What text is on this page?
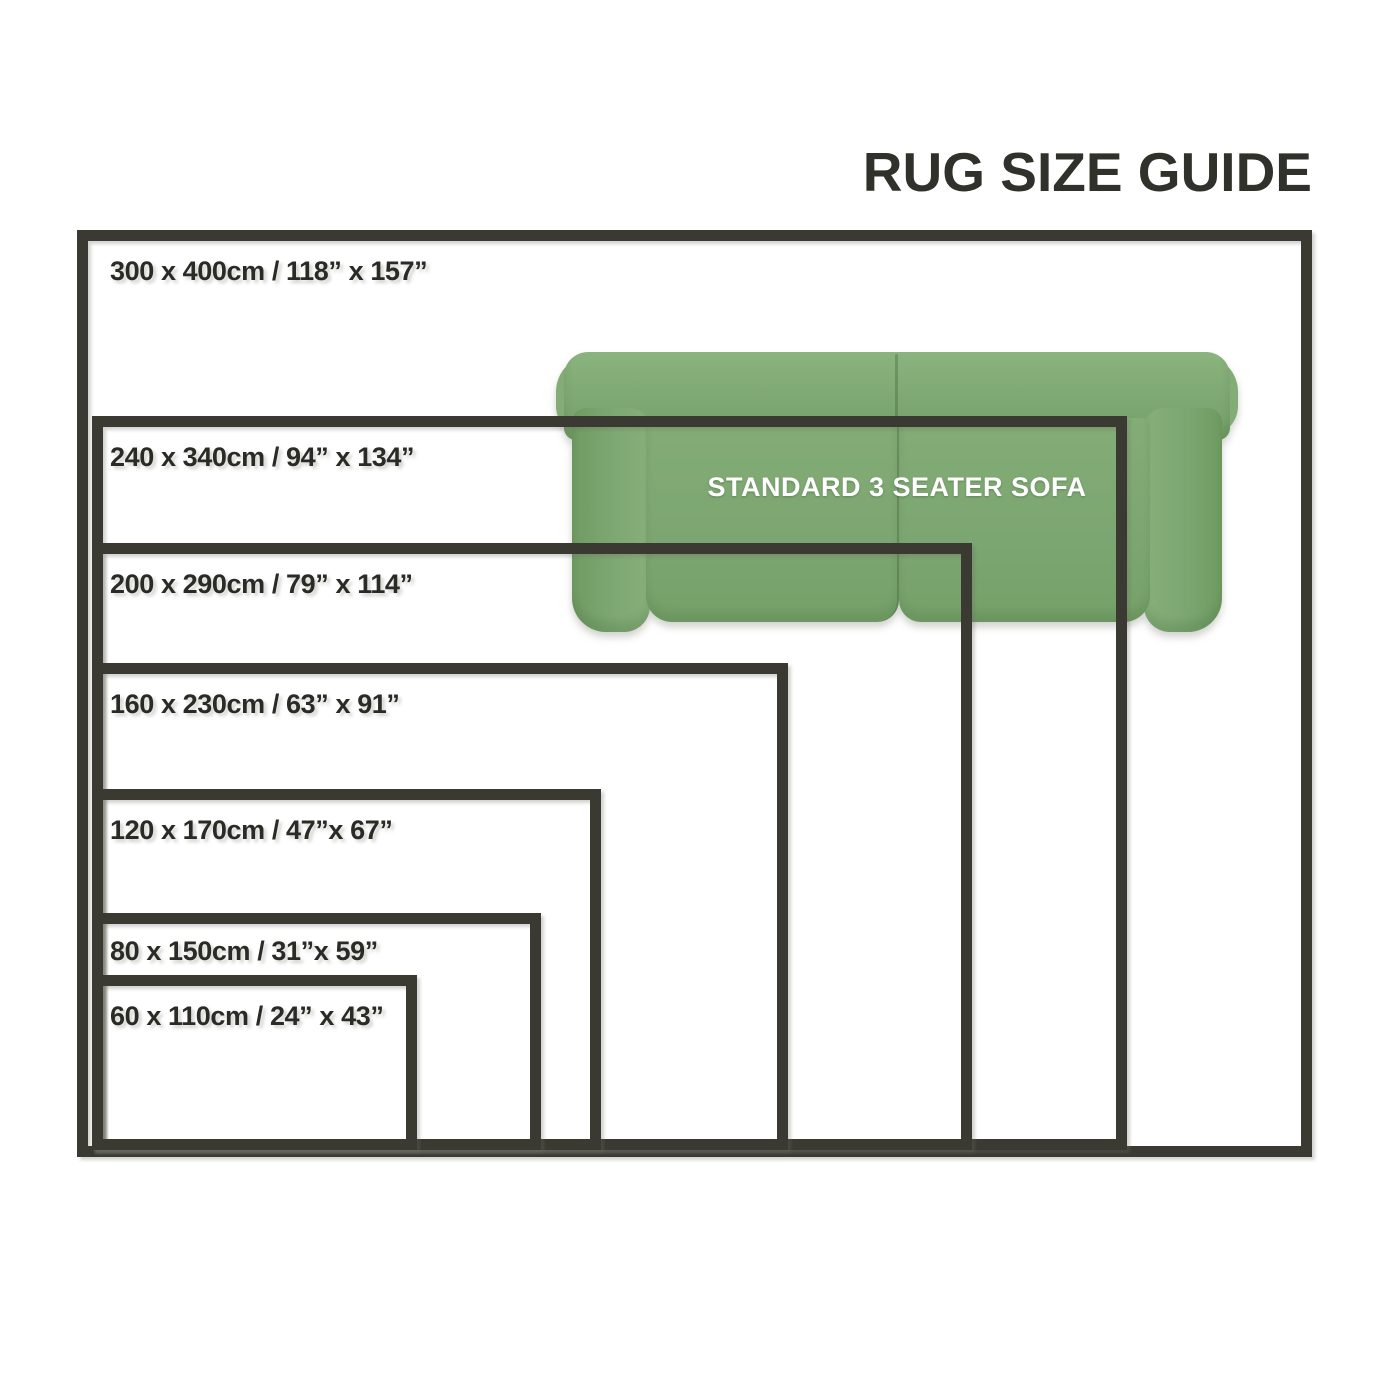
RUG SIZE GUIDE
300 x 400cm / 118” x 157”
240 x 340cm / 94” x 134”
200 x 290cm / 79” x 114”
160 x 230cm / 63” x 91”
120 x 170cm / 47”x 67”
80 x 150cm / 31”x 59”
60 x 110cm / 24” x 43”
STANDARD 3 SEATER SOFA
